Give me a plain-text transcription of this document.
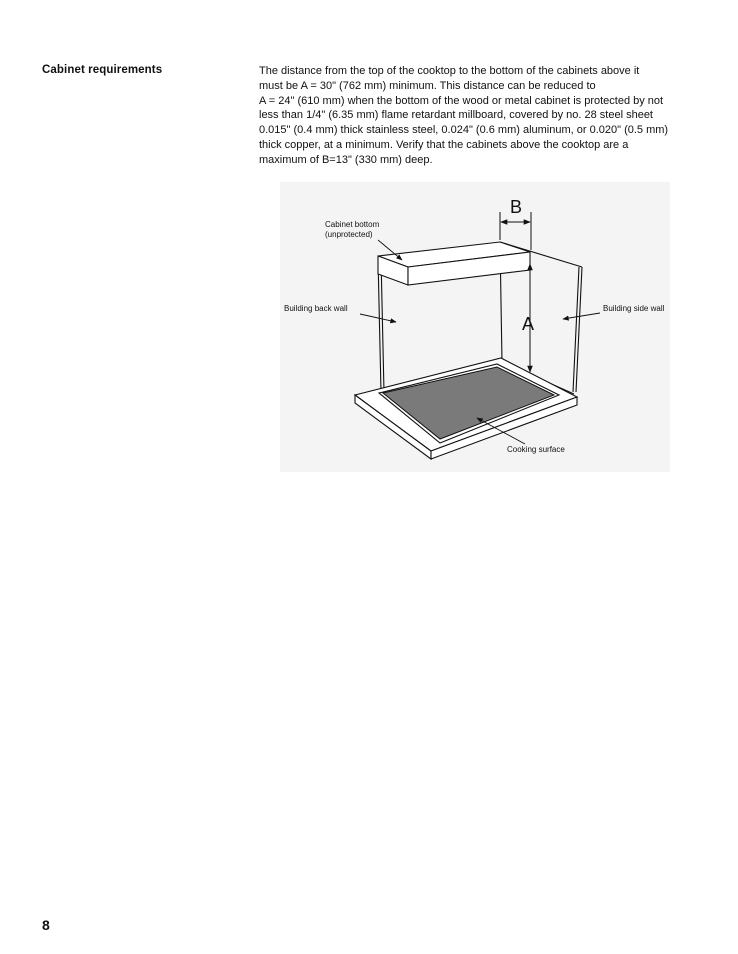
Cabinet requirements	The distance from the top of the cooktop to the bottom of the cabinets above it
must be A = 30" (762 mm) minimum. This distance can be reduced to
A = 24" (610 mm) when the bottom of the wood or metal cabinet is protected by not
less than 1/4" (6.35 mm) flame retardant millboard, covered by no. 28 steel sheet
0.015" (0.4 mm) thick stainless steel, 0.024" (0.6 mm) aluminum, or 0.020" (0.5 mm)
thick copper, at a minimum. Verify that the cabinets above the cooktop are a
maximum of B=13" (330 mm) deep.

A
B
Cabinet bottom
(unprotected)
Building back wall	Building side wall
Cooking surface
8
